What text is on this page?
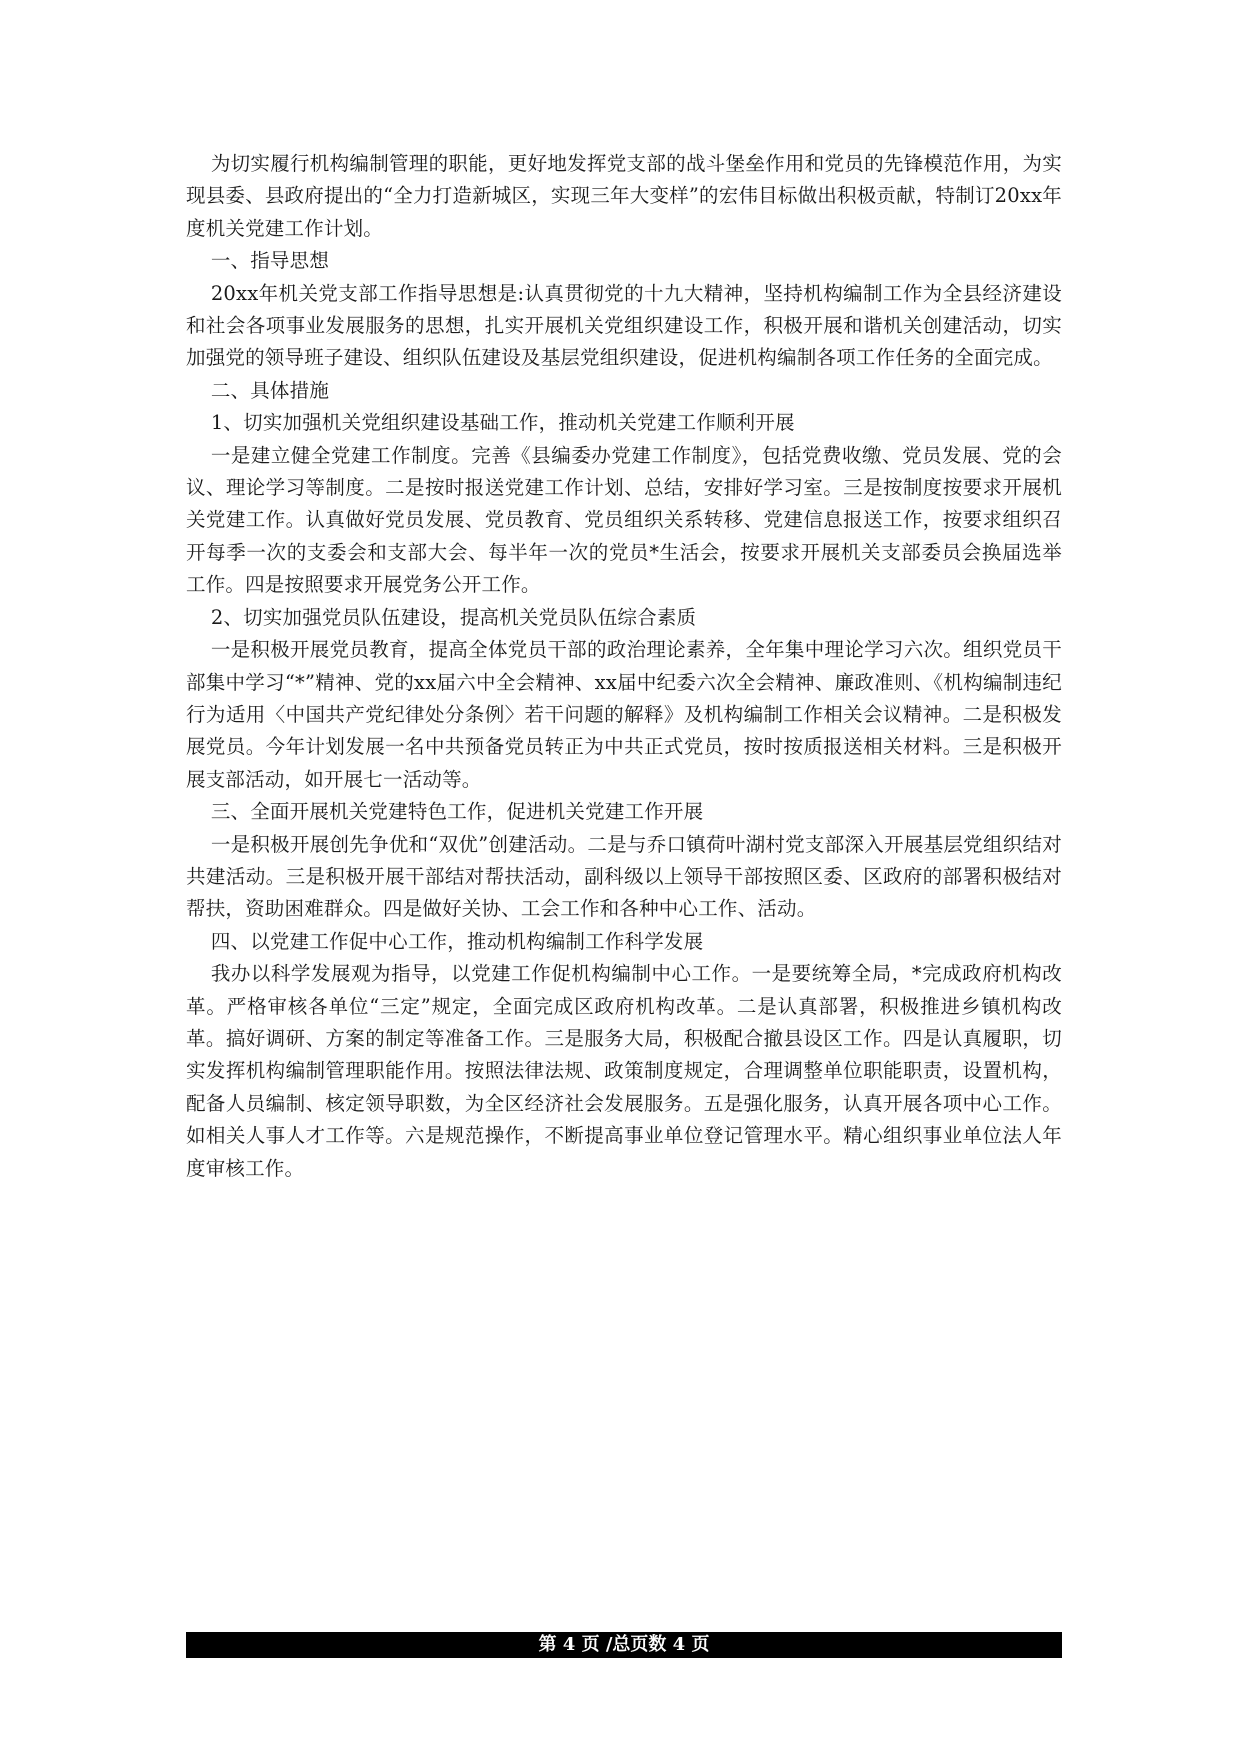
为切实履行机构编制管理的职能，更好地发挥党支部的战斗堡垒作用和党员的先锋模范作用，为实现县委、县政府提出的“全力打造新城区，实现三年大变样”的宏伟目标做出积极贡献，特制订20xx年度机关党建工作计划。

一、指导思想

20xx年机关党支部工作指导思想是:认真贯彻党的十九大精神，坚持机构编制工作为全县经济建设和社会各项事业发展服务的思想，扎实开展机关党组织建设工作，积极开展和谐机关创建活动，切实加强党的领导班子建设、组织队伍建设及基层党组织建设，促进机构编制各项工作任务的全面完成。

二、具体措施

1、切实加强机关党组织建设基础工作，推动机关党建工作顺利开展

一是建立健全党建工作制度。完善《县编委办党建工作制度》，包括党费收缴、党员发展、党的会议、理论学习等制度。二是按时报送党建工作计划、总结，安排好学习室。三是按制度按要求开展机关党建工作。认真做好党员发展、党员教育、党员组织关系转移、党建信息报送工作，按要求组织召开每季一次的支委会和支部大会、每半年一次的党员*生活会，按要求开展机关支部委员会换届选举工作。四是按照要求开展党务公开工作。

2、切实加强党员队伍建设，提高机关党员队伍综合素质

一是积极开展党员教育，提高全体党员干部的政治理论素养，全年集中理论学习六次。组织党员干部集中学习“*”精神、党的xx届六中全会精神、xx届中纪委六次全会精神、廉政准则、《机构编制违纪行为适用〈中国共产党纪律处分条例〉若干问题的解释》及机构编制工作相关会议精神。二是积极发展党员。今年计划发展一名中共预备党员转正为中共正式党员，按时按质报送相关材料。三是积极开展支部活动，如开展七一活动等。

三、全面开展机关党建特色工作，促进机关党建工作开展

一是积极开展创先争优和“双优”创建活动。二是与乔口镇荷叶湖村党支部深入开展基层党组织结对共建活动。三是积极开展干部结对帮扶活动，副科级以上领导干部按照区委、区政府的部署积极结对帮扶，资助困难群众。四是做好关协、工会工作和各种中心工作、活动。

四、以党建工作促中心工作，推动机构编制工作科学发展

我办以科学发展观为指导，以党建工作促机构编制中心工作。一是要统筹全局，*完成政府机构改革。严格审核各单位“三定”规定，全面完成区政府机构改革。二是认真部署，积极推进乡镇机构改革。搞好调研、方案的制定等准备工作。三是服务大局，积极配合撤县设区工作。四是认真履职，切实发挥机构编制管理职能作用。按照法律法规、政策制度规定，合理调整单位职能职责，设置机构，配备人员编制、核定领导职数，为全区经济社会发展服务。五是强化服务，认真开展各项中心工作。如相关人事人才工作等。六是规范操作，不断提高事业单位登记管理水平。精心组织事业单位法人年度审核工作。

第 4 页 /总页数 4 页
